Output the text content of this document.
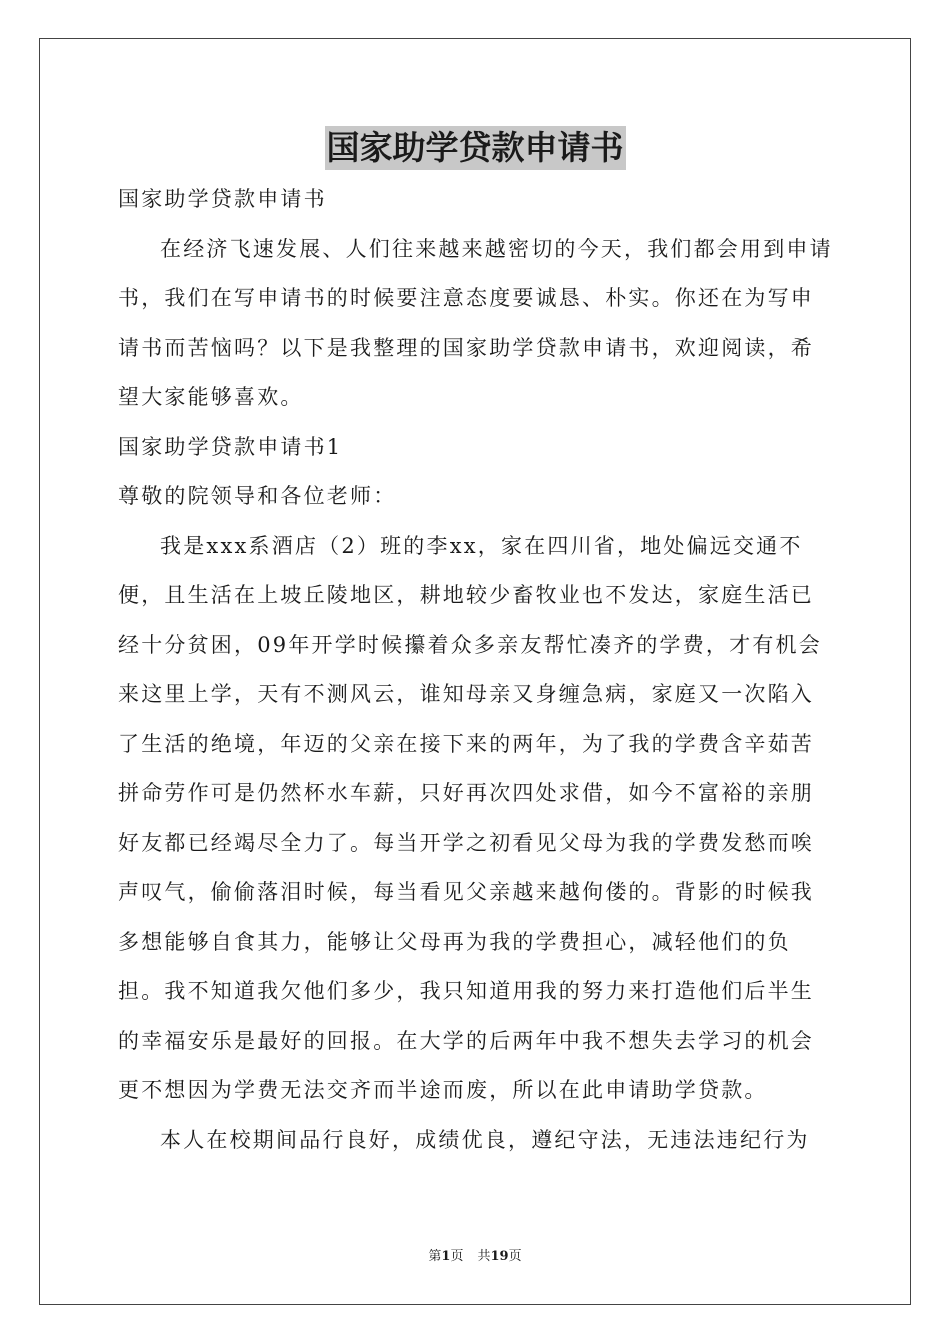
国家助学贷款申请书

国家助学贷款申请书

在经济飞速发展、人们往来越来越密切的今天，我们都会用到申请书，我们在写申请书的时候要注意态度要诚恳、朴实。你还在为写申请书而苦恼吗？以下是我整理的国家助学贷款申请书，欢迎阅读，希望大家能够喜欢。

国家助学贷款申请书1

尊敬的院领导和各位老师：

我是xxx系酒店（2）班的李xx，家在四川省，地处偏远交通不便，且生活在上坡丘陵地区，耕地较少畜牧业也不发达，家庭生活已经十分贫困，09年开学时候攥着众多亲友帮忙凑齐的学费，才有机会来这里上学，天有不测风云，谁知母亲又身缠急病，家庭又一次陷入了生活的绝境，年迈的父亲在接下来的两年，为了我的学费含辛茹苦拼命劳作可是仍然杯水车薪，只好再次四处求借，如今不富裕的亲朋好友都已经竭尽全力了。每当开学之初看见父母为我的学费发愁而唉声叹气，偷偷落泪时候，每当看见父亲越来越佝偻的。背影的时候我多想能够自食其力，能够让父母再为我的学费担心，减轻他们的负担。我不知道我欠他们多少，我只知道用我的努力来打造他们后半生的幸福安乐是最好的回报。在大学的后两年中我不想失去学习的机会更不想因为学费无法交齐而半途而废，所以在此申请助学贷款。

本人在校期间品行良好，成绩优良，遵纪守法，无违法违纪行为

第1页 共19页
